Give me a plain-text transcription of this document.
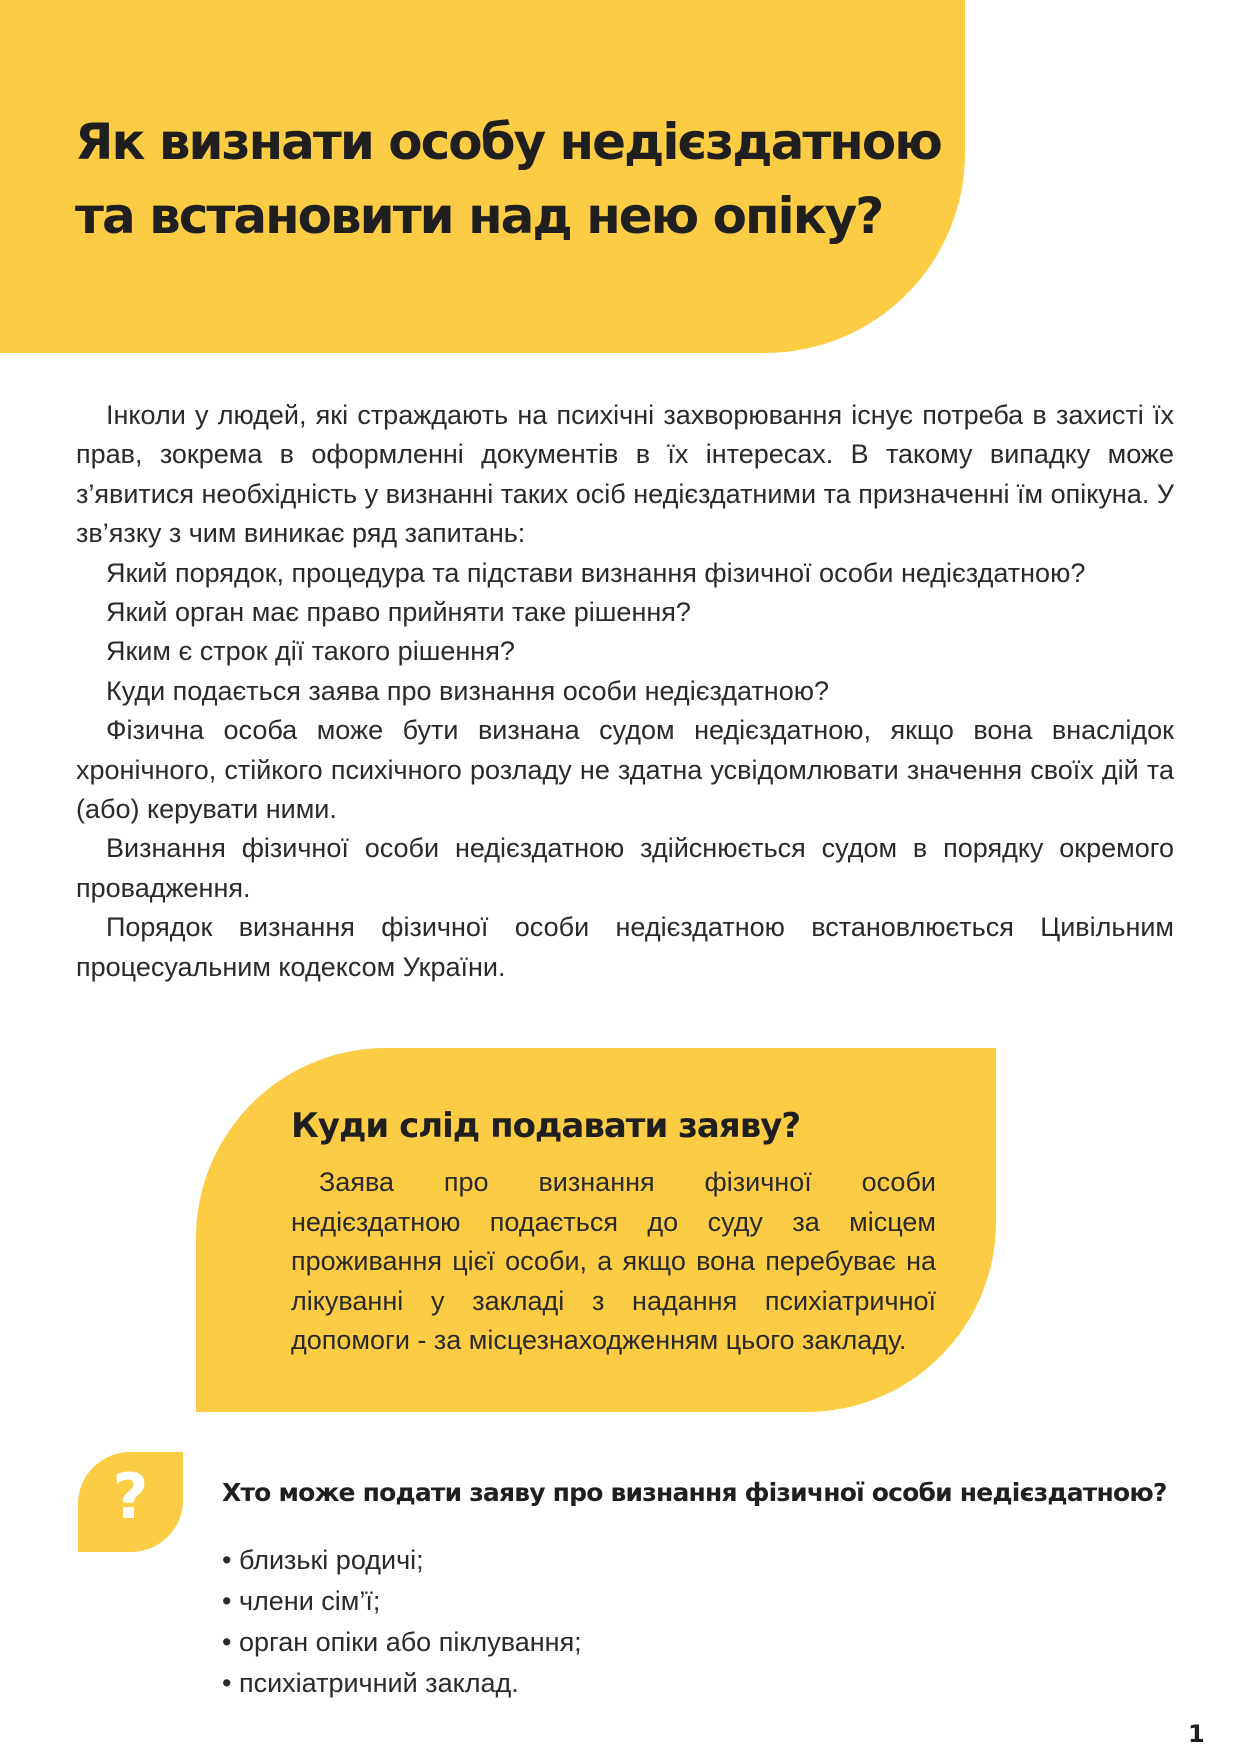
Як визнати особу недієздатною
та встановити над нею опіку?

Інколи у людей, які страждають на психічні захворювання існує потреба в захисті їх прав, зокрема в оформленні документів в їх інтересах. В такому випадку може з’явитися необхідність у визнанні таких осіб недієздатними та призначенні їм опікуна. У зв’язку з чим виникає ряд запитань:

Який порядок, процедура та підстави визнання фізичної особи недієздатною?

Який орган має право прийняти таке рішення?

Яким є строк дії такого рішення?

Куди подається заява про визнання особи недієздатною?

Фізична особа може бути визнана судом недієздатною, якщо вона внаслідок хронічного, стійкого психічного розладу не здатна усвідомлювати значення своїх дій та (або) керувати ними.

Визнання фізичної особи недієздатною здійснюється судом в порядку окремого провадження.

Порядок визнання фізичної особи недієздатною встановлюється Цивільним процесуальним кодексом України.

Куди слід подавати заяву?

Заява про визнання фізичної особи недієздатною подається до суду за місцем проживання цієї особи, а якщо вона перебуває на лікуванні у закладі з надання психіатричної допомоги - за місцезнаходженням цього закладу.

?	Хто може подати заяву про визнання фізичної особи недієздатною?
• близькі родичі;
• члени сім’ї;
• орган опіки або піклування;
• психіатричний заклад.
1
